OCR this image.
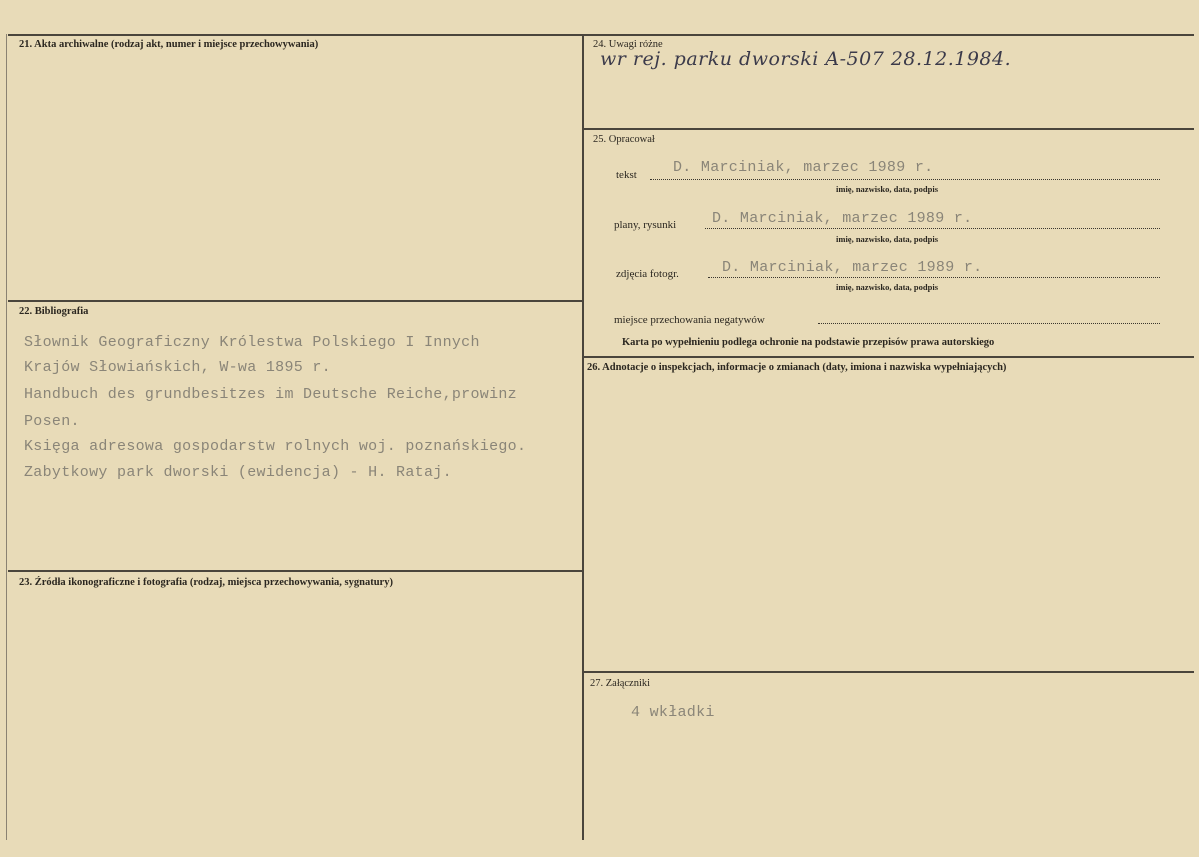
21. Akta archiwalne (rodzaj akt, numer i miejsce przechowywania)
22. Bibliografia
Słownik Geograficzny Królestwa Polskiego I Innych
Krajów Słowiańskich, W-wa 1895 r.
Handbuch des grundbesitzes im Deutsche Reiche,prowinz
Posen.
Księga adresowa gospodarstw rolnych woj. poznańskiego.
Zabytkowy park dworski (ewidencja) - H. Rataj.
23. Źródła ikonograficzne i fotografia (rodzaj, miejsca przechowywania, sygnatury)
24. Uwagi różne
wr rej. parku dworski A-507 28.12.1984.
25. Opracował
tekst D. Marciniak, marzec 1989 r.
imię, nazwisko, data, podpis
plany, rysunki D. Marciniak, marzec 1989 r.
imię, nazwisko, data, podpis
zdjęcia fotogr.	D. Marciniak, marzec 1989 r.
imię, nazwisko, data, podpis
miejsce przechowania negatywów
Karta po wypełnieniu podlega ochronie na podstawie przepisów prawa autorskiego
26. Adnotacje o inspekcjach, informacje o zmianach (daty, imiona i nazwiska wypełniających)
27. Załączniki
4 wkładki
